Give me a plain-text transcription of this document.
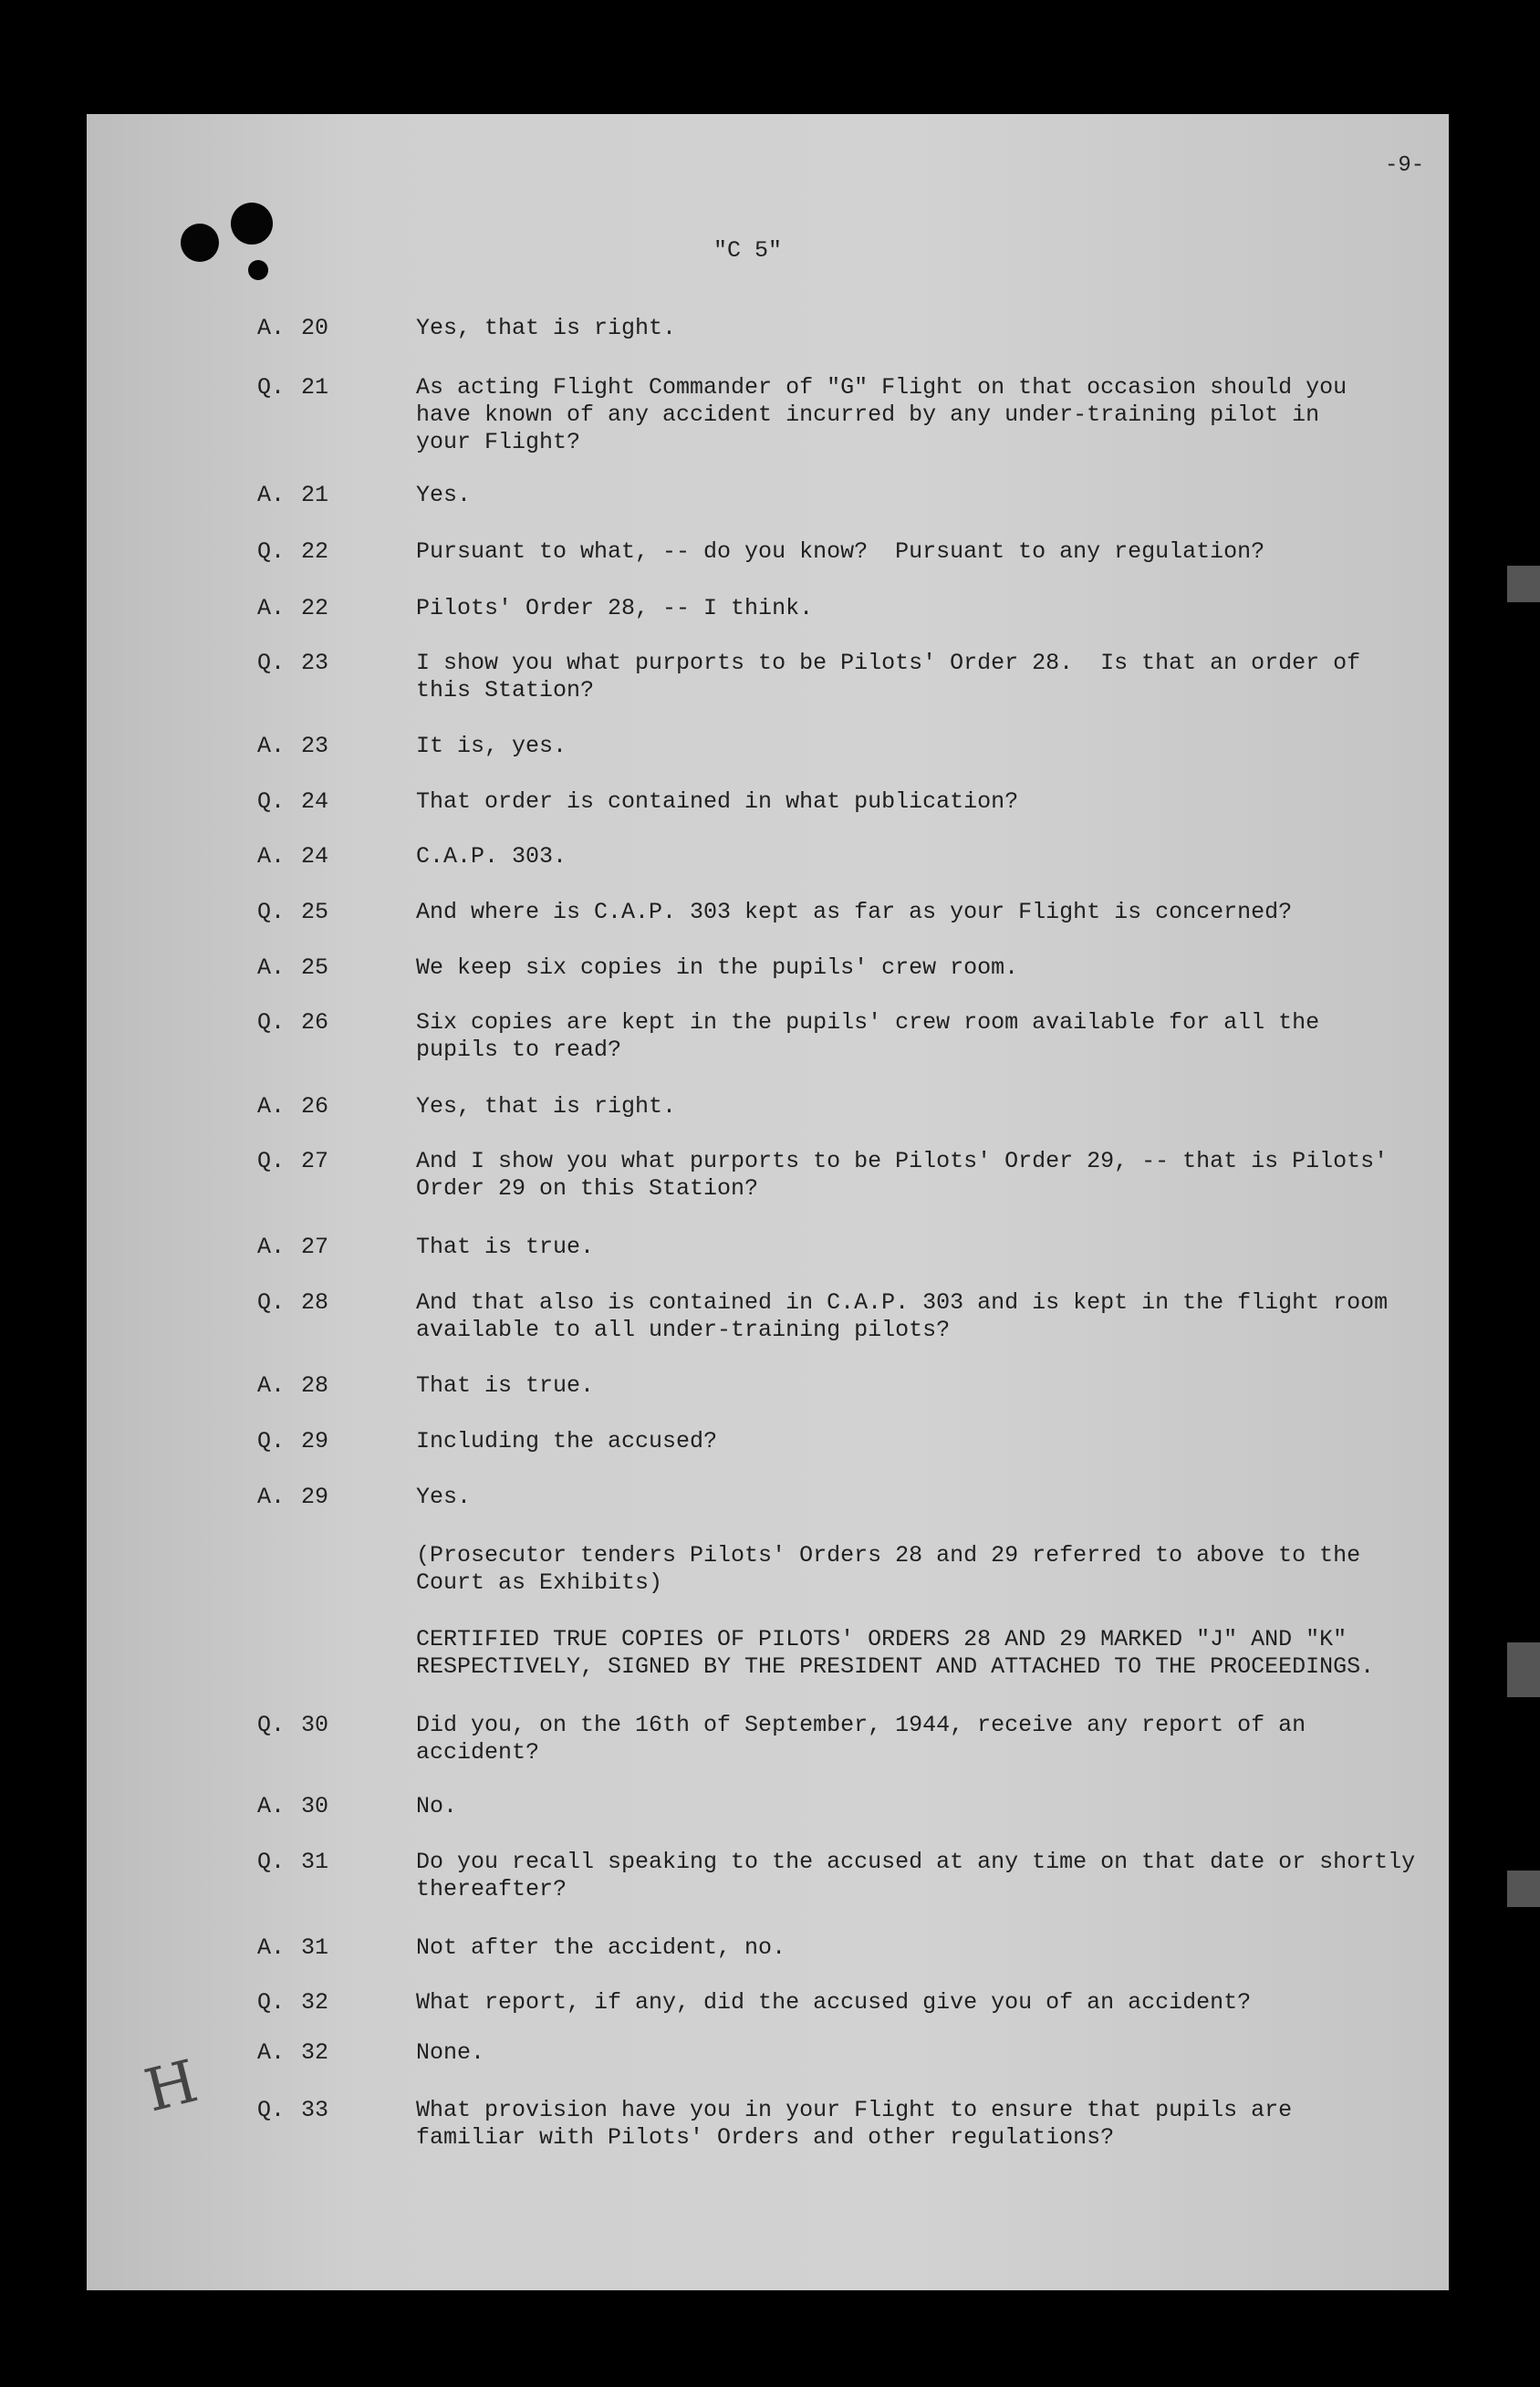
-9-
"C 5"
A. 20	Yes, that is right.
Q. 21	As acting Flight Commander of "G" Flight on that occasion should you
have known of any accident incurred by any under-training pilot in
your Flight?
A. 21	Yes.
Q. 22	Pursuant to what, -- do you know?  Pursuant to any regulation?
A. 22	Pilots' Order 28, -- I think.
Q. 23	I show you what purports to be Pilots' Order 28.  Is that an order of
this Station?
A. 23	It is, yes.
Q. 24	That order is contained in what publication?
A. 24	C.A.P. 303.
Q. 25	And where is C.A.P. 303 kept as far as your Flight is concerned?
A. 25	We keep six copies in the pupils' crew room.
Q. 26	Six copies are kept in the pupils' crew room available for all the
pupils to read?
A. 26	Yes, that is right.
Q. 27	And I show you what purports to be Pilots' Order 29, -- that is Pilots'
Order 29 on this Station?
A. 27	That is true.
Q. 28	And that also is contained in C.A.P. 303 and is kept in the flight room
available to all under-training pilots?
A. 28	That is true.
Q. 29	Including the accused?
A. 29	Yes.
(Prosecutor tenders Pilots' Orders 28 and 29 referred to above to the
Court as Exhibits)
CERTIFIED TRUE COPIES OF PILOTS' ORDERS 28 AND 29 MARKED "J" AND "K"
RESPECTIVELY, SIGNED BY THE PRESIDENT AND ATTACHED TO THE PROCEEDINGS.
Q. 30	Did you, on the 16th of September, 1944, receive any report of an
accident?
A. 30	No.
Q. 31	Do you recall speaking to the accused at any time on that date or shortly
thereafter?
A. 31	Not after the accident, no.
Q. 32	What report, if any, did the accused give you of an accident?
A. 32	None.
Q. 33	What provision have you in your Flight to ensure that pupils are
familiar with Pilots' Orders and other regulations?
H
